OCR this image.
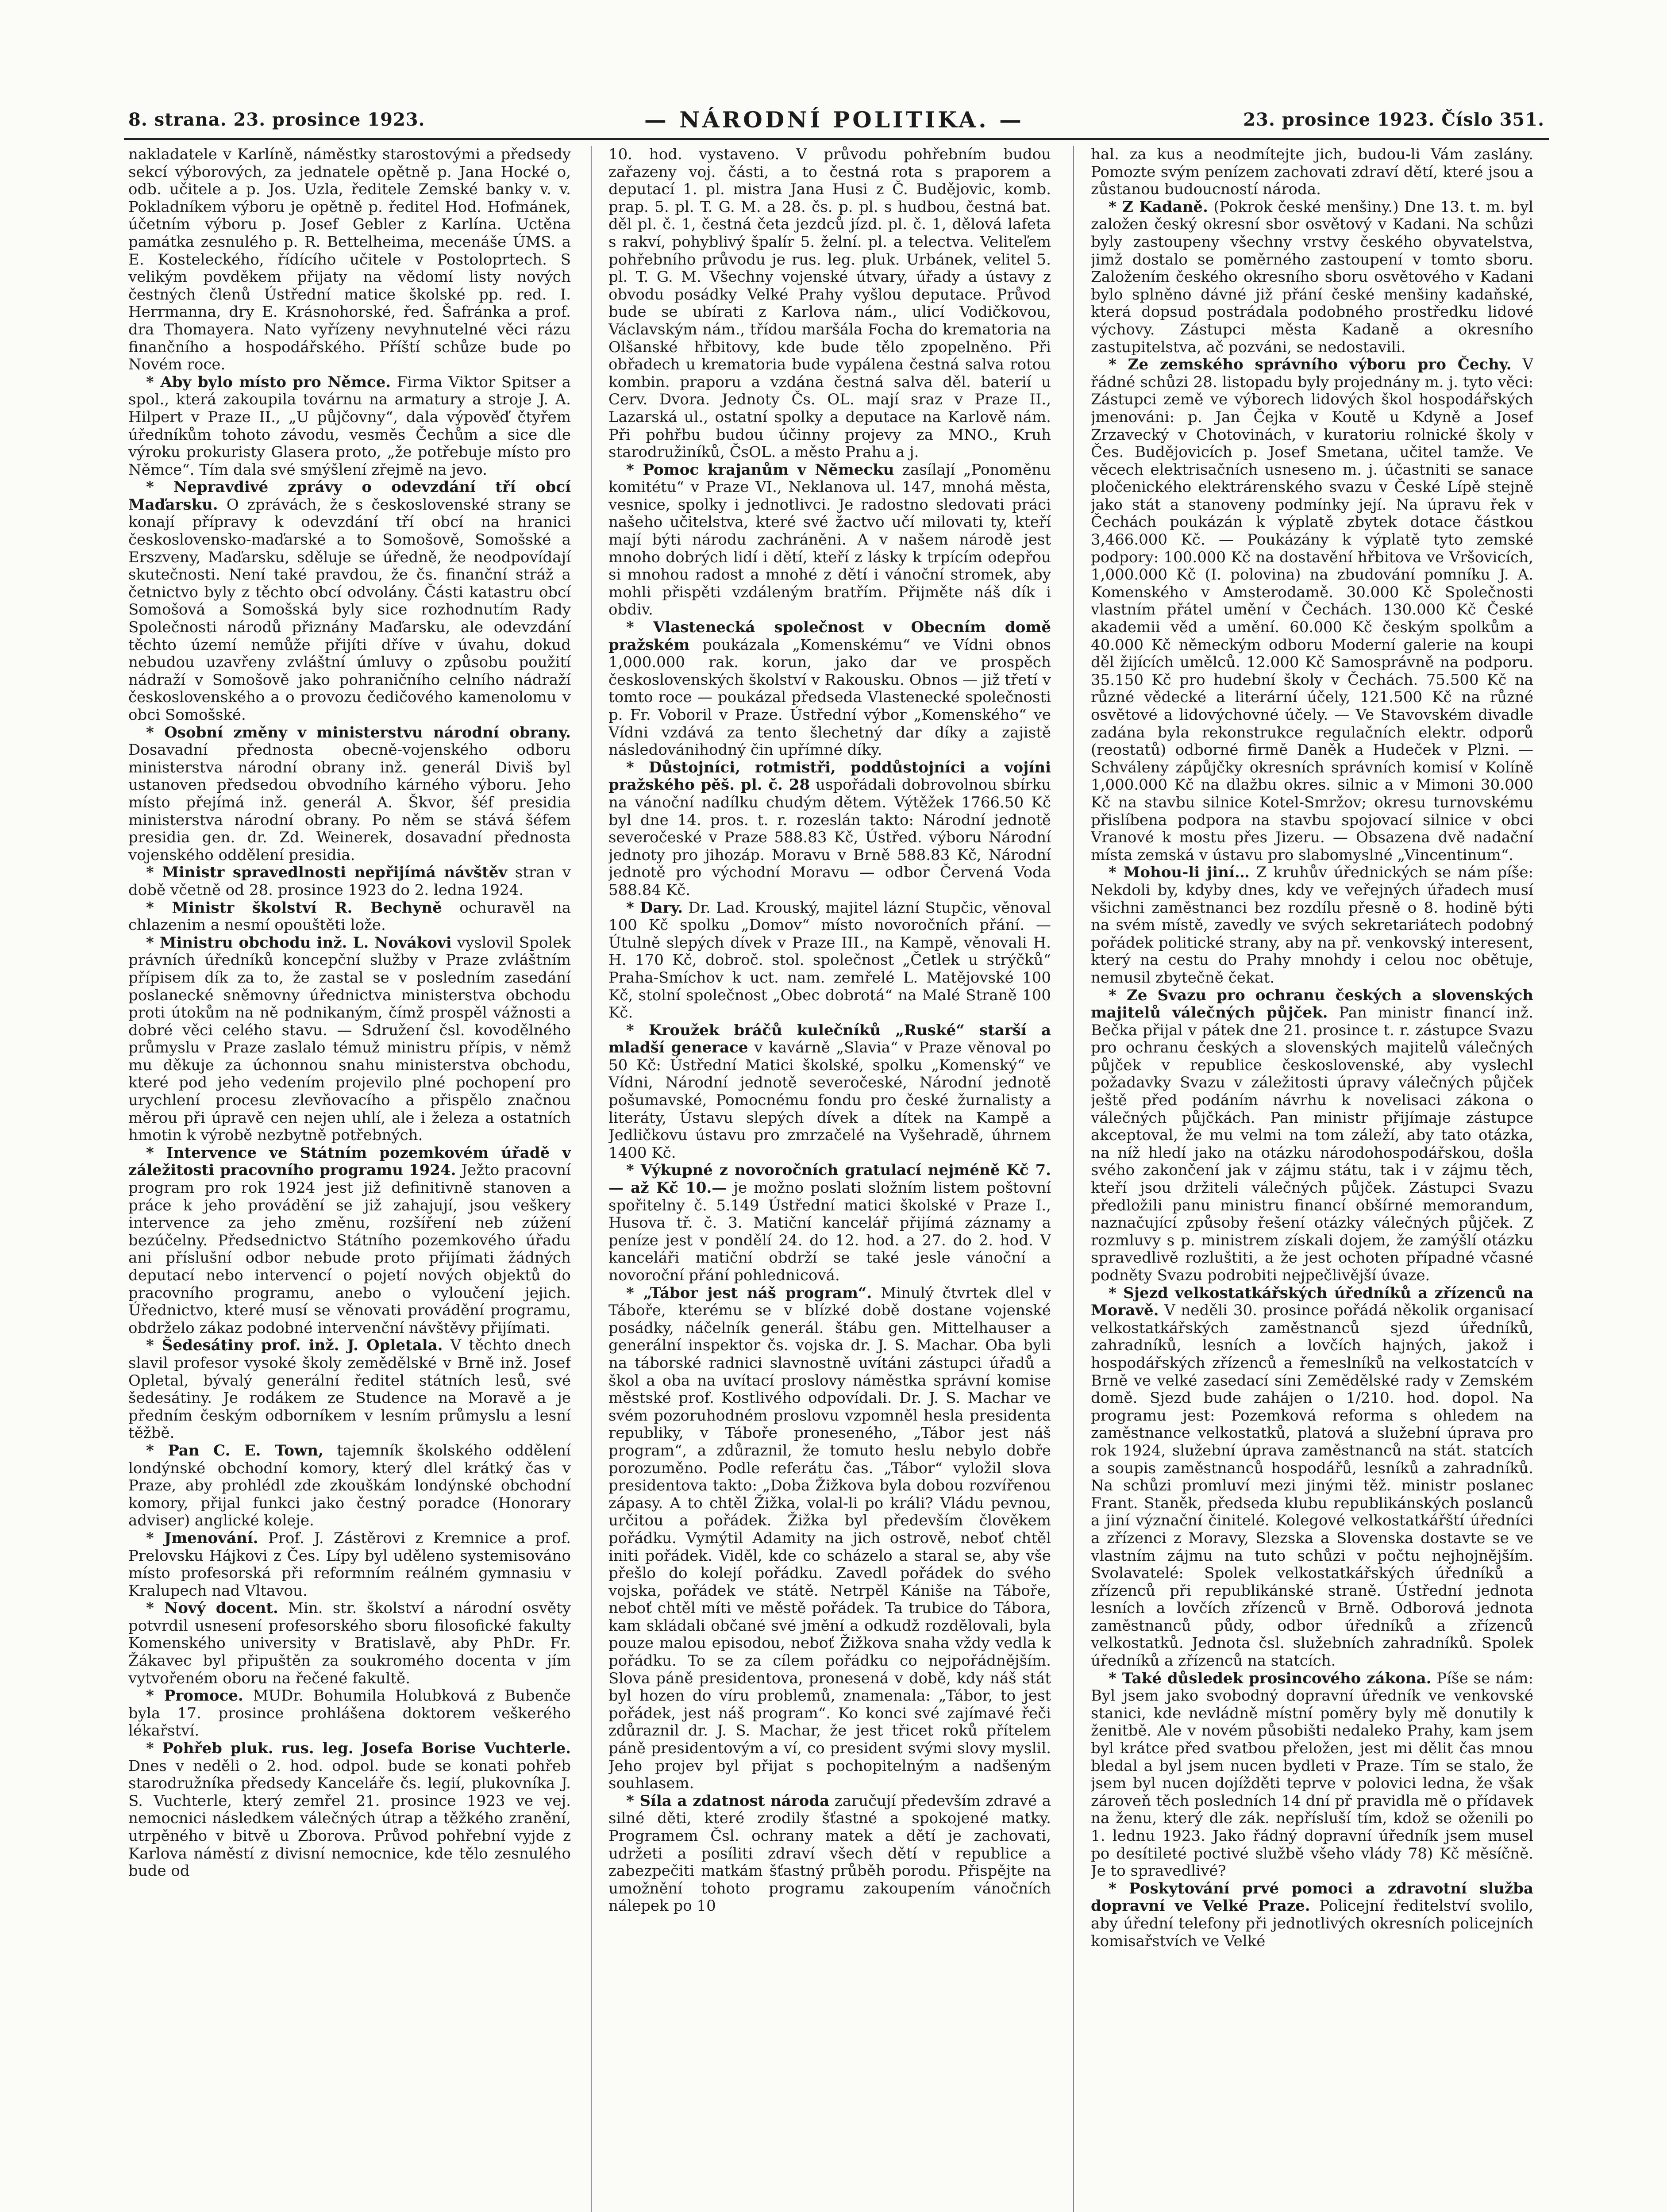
8. strana. 23. prosince 1923.	— NÁRODNÍ POLITIKA. —	23. prosince 1923. Číslo 351.

nakladatele v Karlíně, náměstky starostovými a předsedy sekcí výborových, za jednatele opětně p. Jana Hocké o, odb. učitele a p. Jos. Uzla, ředitele Zemské banky v. v. Pokladníkem výboru je opětně p. ředitel Hod. Hofmánek, účetním výboru p. Josef Gebler z Karlína. Uctěna památka zesnulého p. R. Bettelheima, mecenáše ÚMS. a E. Kosteleckého, řídícího učitele v Postoloprtech. S velikým povděkem přijaty na vědomí listy nových čestných členů Ústřední matice školské pp. red. I. Herrmanna, dry E. Krásnohorské, řed. Šafránka a prof. dra Thomayera. Nato vyřízeny nevyhnutelné věci rázu finančního a hospodářského. Příští schůze bude po Novém roce.

* Aby bylo místo pro Němce. Firma Viktor Spitser a spol., která zakoupila továrnu na armatury a stroje J. A. Hilpert v Praze II., „U půjčovny“, dala výpověď čtyřem úředníkům tohoto závodu, vesměs Čechům a sice dle výroku prokuristy Glasera proto, „že potřebuje místo pro Němce“. Tím dala své smýšlení zřejmě na jevo.

* Nepravdivé zprávy o odevzdání tří obcí Maďarsku. O zprávách, že s československé strany se konají přípravy k odevzdání tří obcí na hranici československo-maďarské a to Somošově, Somošské a Erszveny, Maďarsku, sděluje se úředně, že neodpovídají skutečnosti. Není také pravdou, že čs. finanční stráž a četnictvo byly z těchto obcí odvolány. Části katastru obcí Somošová a Somošská byly sice rozhodnutím Rady Společnosti národů přiznány Maďarsku, ale odevzdání těchto území nemůže přijíti dříve v úvahu, dokud nebudou uzavřeny zvláštní úmluvy o způsobu použití nádraží v Somošově jako pohraničního celního nádraží československého a o provozu čedičového kamenolomu v obci Somošské.

* Osobní změny v ministerstvu národní obrany. Dosavadní přednosta obecně-vojenského odboru ministerstva národní obrany inž. generál Diviš byl ustanoven předsedou obvodního kárného výboru. Jeho místo přejímá inž. generál A. Škvor, šéf presidia ministerstva národní obrany. Po něm se stává šéfem presidia gen. dr. Zd. Weinerek, dosavadní přednosta vojenského oddělení presidia.

* Ministr spravedlnosti nepřijímá návštěv stran v době včetně od 28. prosince 1923 do 2. ledna 1924.

* Ministr školství R. Bechyně ochuravěl na chlazenim a nesmí opouštěti lože.

* Ministru obchodu inž. L. Novákovi vyslovil Spolek právních úředníků koncepční služby v Praze zvláštním přípisem dík za to, že zastal se v posledním zasedání poslanecké sněmovny úřednictva ministerstva obchodu proti útokům na ně podnikaným, čímž prospěl vážnosti a dobré věci celého stavu. — Sdružení čsl. kovodělného průmyslu v Praze zaslalo témuž ministru přípis, v němž mu děkuje za úchonnou snahu ministerstva obchodu, které pod jeho vedením projevilo plné pochopení pro urychlení procesu zlevňovacího a přispělo značnou měrou při úpravě cen nejen uhlí, ale i železa a ostatních hmotin k výrobě nezbytně potřebných.

* Intervence ve Státním pozemkovém úřadě v záležitosti pracovního programu 1924. Ježto pracovní program pro rok 1924 jest již definitivně stanoven a práce k jeho provádění se již zahajují, jsou veškery intervence za jeho změnu, rozšíření neb zúžení bezúčelny. Předsednictvo Státního pozemkového úřadu ani příslušní odbor nebude proto přijímati žádných deputací nebo intervencí o pojetí nových objektů do pracovního programu, anebo o vyloučení jejich. Úřednictvo, které musí se věnovati provádění programu, obdrželo zákaz podobné intervenční návštěvy přijímati.

* Šedesátiny prof. inž. J. Opletala. V těchto dnech slavil profesor vysoké školy zemědělské v Brně inž. Josef Opletal, bývalý generální ředitel státních lesů, své šedesátiny. Je rodákem ze Studence na Moravě a je předním českým odborníkem v lesním průmyslu a lesní těžbě.

* Pan C. E. Town, tajemník školského oddělení londýnské obchodní komory, který dlel krátký čas v Praze, aby prohlédl zde zkouškám londýnské obchodní komory, přijal funkci jako čestný poradce (Honorary adviser) anglické koleje.

* Jmenování. Prof. J. Zástěrovi z Kremnice a prof. Prelovsku Hájkovi z Čes. Lípy byl uděleno systemisováno místo profesorská při reformním reálném gymnasiu v Kralupech nad Vltavou.

* Nový docent. Min. str. školství a národní osvěty potvrdil usnesení profesorského sboru filosofické fakulty Komenského university v Bratislavě, aby PhDr. Fr. Žákavec byl připuštěn za soukromého docenta v jím vytvořeném oboru na řečené fakultě.

* Promoce. MUDr. Bohumila Holubková z Bubenče byla 17. prosince prohlášena doktorem veškerého lékařství.

* Pohřeb pluk. rus. leg. Josefa Borise Vuchterle. Dnes v neděli o 2. hod. odpol. bude se konati pohřeb starodružníka předsedy Kanceláře čs. legií, plukovníka J. S. Vuchterle, který zemřel 21. prosince 1923 ve vej. nemocnici následkem válečných útrap a těžkého zranění, utrpěného v bitvě u Zborova. Průvod pohřební vyjde z Karlova náměstí z divisní nemocnice, kde tělo zesnulého bude od

10. hod. vystaveno. V průvodu pohřebním budou zařazeny voj. části, a to čestná rota s praporem a deputací 1. pl. mistra Jana Husi z Č. Budějovic, komb. prap. 5. pl. T. G. M. a 28. čs. p. pl. s hudbou, čestná bat. děl pl. č. 1, čestná četa jezdců jízd. pl. č. 1, dělová lafeta s rakví, pohyblivý špalír 5. želní. pl. a telectva. Veliteľem pohřebního průvodu je rus. leg. pluk. Urbánek, velitel 5. pl. T. G. M. Všechny vojenské útvary, úřady a ústavy z obvodu posádky Velké Prahy vyšlou deputace. Průvod bude se ubírati z Karlova nám., ulicí Vodičkovou, Václavským nám., třídou maršála Focha do krematoria na Olšanské hřbitovy, kde bude tělo zpopelněno. Při obřadech u krematoria bude vypálena čestná salva rotou kombin. praporu a vzdána čestná salva děl. baterií u Cerv. Dvora. Jednoty Čs. OL. mají sraz v Praze II., Lazarská ul., ostatní spolky a deputace na Karlově nám. Při pohřbu budou účinny projevy za MNO., Kruh starodružiníků, ČsOL. a město Prahu a j.

* Pomoc krajanům v Německu zasílají „Ponoměnu komitétu“ v Praze VI., Neklanova ul. 147, mnohá města, vesnice, spolky i jednotlivci. Je radostno sledovati práci našeho učitelstva, které své žactvo učí milovati ty, kteří mají býti národu zachráněni. A v našem národě jest mnoho dobrých lidí i dětí, kteří z lásky k trpícím odepřou si mnohou radost a mnohé z dětí i vánoční stromek, aby mohli přispěti vzdáleným bratřím. Přijměte náš dík i obdiv.

* Vlastenecká společnost v Obecním domě pražském poukázala „Komenskému“ ve Vídni obnos 1,000.000 rak. korun, jako dar ve prospěch československých školství v Rakousku. Obnos — již třetí v tomto roce — poukázal předseda Vlastenecké společnosti p. Fr. Voboril v Praze. Ústřední výbor „Komenského“ ve Vídni vzdává za tento šlechetný dar díky a zajistě následovánihodný čin upřímné díky.

* Důstojníci, rotmistři, poddůstojníci a vojíni pražského pěš. pl. č. 28 uspořádali dobrovolnou sbírku na vánoční nadílku chudým dětem. Výtěžek 1766.50 Kč byl dne 14. pros. t. r. rozeslán takto: Národní jednotě severočeské v Praze 588.83 Kč, Ústřed. výboru Národní jednoty pro jihozáp. Moravu v Brně 588.83 Kč, Národní jednotě pro východní Moravu — odbor Červená Voda 588.84 Kč.

* Dary. Dr. Lad. Krouský, majitel lázní Stupčic, věnoval 100 Kč spolku „Domov“ místo novoročních přání. — Útulně slepých dívek v Praze III., na Kampě, věnovali H. H. 170 Kč, dobroč. stol. společnost „Četlek u strýčků“ Praha-Smíchov k uct. nam. zemřelé L. Matějovské 100 Kč, stolní společnost „Obec dobrotá“ na Malé Straně 100 Kč.

* Kroužek bráčů kulečníků „Ruské“ starší a mladší generace v kavárně „Slavia“ v Praze věnoval po 50 Kč: Ústřední Matici školské, spolku „Komenský“ ve Vídni, Národní jednotě severočeské, Národní jednotě pošumavské, Pomocnému fondu pro české žurnalisty a literáty, Ústavu slepých dívek a dítek na Kampě a Jedličkovu ústavu pro zmrzačelé na Vyšehradě, úhrnem 1400 Kč.

* Výkupné z novoročních gratulací nejméně Kč 7.— až Kč 10.— je možno poslati složním listem poštovní spořitelny č. 5.149 Ústřední matici školské v Praze I., Husova tř. č. 3. Matiční kancelář přijímá záznamy a peníze jest v pondělí 24. do 12. hod. a 27. do 2. hod. V kanceláři matiční obdrží se také jesle vánoční a novoroční přání pohlednicová.

* „Tábor jest náš program“. Minulý čtvrtek dlel v Táboře, kterému se v blízké době dostane vojenské posádky, náčelník generál. štábu gen. Mittelhauser a generální inspektor čs. vojska dr. J. S. Machar. Oba byli na táborské radnici slavnostně uvítáni zástupci úřadů a škol a oba na uvítací proslovy náměstka správní komise městské prof. Kostlivého odpovídali. Dr. J. S. Machar ve svém pozoruhodném proslovu vzpomněl hesla presidenta republiky, v Táboře proneseného, „Tábor jest náš program“, a zdůraznil, že tomuto heslu nebylo dobře porozuměno. Podle referátu čas. „Tábor“ vyložil slova presidentova takto: „Doba Žižkova byla dobou rozvířenou zápasy. A to chtěl Žižka, volal-li po králi? Vládu pevnou, určitou a pořádek. Žižka byl především člověkem pořádku. Vymýtil Adamity na jich ostrově, neboť chtěl initi pořádek. Viděl, kde co scházelo a staral se, aby vše přešlo do kolejí pořádku. Zavedl pořádek do svého vojska, pořádek ve státě. Netrpěl Kániše na Táboře, neboť chtěl míti ve městě pořádek. Ta trubice do Tábora, kam skládali občané své jmění a odkudž rozdělovali, byla pouze malou episodou, neboť Žižkova snaha vždy vedla k pořádku. To se za cílem pořádku co nejpořádnějším. Slova páně presidentova, pronesená v době, kdy náš stát byl hozen do víru problemů, znamenala: „Tábor, to jest pořádek, jest náš program“. Ko konci své zajímavé řeči zdůraznil dr. J. S. Machar, že jest třicet roků přítelem páně presidentovým a ví, co president svými slovy myslil. Jeho projev byl přijat s pochopitelným a nadšeným souhlasem.

* Síla a zdatnost národa zaručují především zdravé a silné děti, které zrodily šťastné a spokojené matky. Programem Čsl. ochrany matek a dětí je zachovati, udržeti a posíliti zdraví všech dětí v republice a zabezpečiti matkám šťastný průběh porodu. Přispějte na umožnění tohoto programu zakoupením vánočních nálepek po 10

hal. za kus a neodmítejte jich, budou-li Vám zaslány. Pomozte svým penízem zachovati zdraví dětí, které jsou a zůstanou budoucností národa.

* Z Kadaně. (Pokrok české menšiny.) Dne 13. t. m. byl založen český okresní sbor osvětový v Kadani. Na schůzi byly zastoupeny všechny vrstvy českého obyvatelstva, jimž dostalo se poměrného zastoupení v tomto sboru. Založením českého okresního sboru osvětového v Kadani bylo splněno dávné již přání české menšiny kadaňské, která dopsud postrádala podobného prostředku lidové výchovy. Zástupci města Kadaně a okresního zastupitelstva, ač pozváni, se nedostavili.

* Ze zemského správního výboru pro Čechy. V řádné schůzi 28. listopadu byly projednány m. j. tyto věci: Zástupci země ve výborech lidových škol hospodářských jmenováni: p. Jan Čejka v Koutě u Kdyně a Josef Zrzavecký v Chotovinách, v kuratoriu rolnické školy v Čes. Budějovicích p. Josef Smetana, učitel tamže. Ve věcech elektrisačních usneseno m. j. účastniti se sanace pločenického elektrárenského svazu v České Lípě stejně jako stát a stanoveny podmínky její. Na úpravu řek v Čechách poukázán k výplatě zbytek dotace částkou 3,466.000 Kč. — Poukázány k výplatě tyto zemské podpory: 100.000 Kč na dostavění hřbitova ve Vršovicích, 1,000.000 Kč (I. polovina) na zbudování pomníku J. A. Komenského v Amsterodamě. 30.000 Kč Společnosti vlastním přátel umění v Čechách. 130.000 Kč České akademii věd a umění. 60.000 Kč českým spolkům a 40.000 Kč německým odboru Moderní galerie na koupi děl žijících umělců. 12.000 Kč Samosprávně na podporu. 35.150 Kč pro hudební školy v Čechách. 75.500 Kč na různé vědecké a literární účely, 121.500 Kč na různé osvětové a lidovýchovné účely. — Ve Stavovském divadle zadána byla rekonstrukce regulačních elektr. odporů (reostatů) odborné firmě Daněk a Hudeček v Plzni. — Schváleny zápůjčky okresních správních komisí v Kolíně 1,000.000 Kč na dlažbu okres. silnic a v Mimoni 30.000 Kč na stavbu silnice Kotel-Smržov; okresu turnovskému přislíbena podpora na stavbu spojovací silnice v obci Vranové k mostu přes Jizeru. — Obsazena dvě nadační místa zemská v ústavu pro slabomyslné „Vincentinum“.

* Mohou-li jiní… Z kruhův úřednických se nám píše: Nekdoli by, kdyby dnes, kdy ve veřejných úřadech musí všichni zaměstnanci bez rozdílu přesně o 8. hodině býti na svém místě, zavedly ve svých sekretariátech podobný pořádek politické strany, aby na př. venkovský interesent, který na cestu do Prahy mnohdy i celou noc obětuje, nemusil zbytečně čekat.

* Ze Svazu pro ochranu českých a slovenských majitelů válečných půjček. Pan ministr financí inž. Bečka přijal v pátek dne 21. prosince t. r. zástupce Svazu pro ochranu českých a slovenských majitelů válečných půjček v republice československé, aby vyslechl požadavky Svazu v záležitosti úpravy válečných půjček ještě před podáním návrhu k novelisaci zákona o válečných půjčkách. Pan ministr přijímaje zástupce akceptoval, že mu velmi na tom záleží, aby tato otázka, na níž hledí jako na otázku národohospodářskou, došla svého zakončení jak v zájmu státu, tak i v zájmu těch, kteří jsou držiteli válečných půjček. Zástupci Svazu předložili panu ministru financí obšírné memorandum, naznačující způsoby řešení otázky válečných půjček. Z rozmluvy s p. ministrem získali dojem, že zamýšlí otázku spravedlivě rozluštiti, a že jest ochoten případné včasné podněty Svazu podrobiti nejpečlivější úvaze.

* Sjezd velkostatkářských úředníků a zřízenců na Moravě. V neděli 30. prosince pořádá několik organisací velkostatkářských zaměstnanců sjezd úředníků, zahradníků, lesních a lovčích hajných, jakož i hospodářských zřízenců a řemeslníků na velkostatcích v Brně ve velké zasedací síni Zemědělské rady v Zemském domě. Sjezd bude zahájen o 1/210. hod. dopol. Na programu jest: Pozemková reforma s ohledem na zaměstnance velkostatků, platová a služební úprava pro rok 1924, služební úprava zaměstnanců na stát. statcích a soupis zaměstnanců hospodářů, lesníků a zahradníků. Na schůzi promluví mezi jinými těž. ministr poslanec Frant. Staněk, předseda klubu republikánských poslanců a jiní význační činitelé. Kolegové velkostatkářští úředníci a zřízenci z Moravy, Slezska a Slovenska dostavte se ve vlastním zájmu na tuto schůzi v počtu nejhojnějším. Svolavatelé: Spolek velkostatkářských úředníků a zřízenců při republikánské straně. Ústřední jednota lesních a lovčích zřízenců v Brně. Odborová jednota zaměstnanců půdy, odbor úředníků a zřízenců velkostatků. Jednota čsl. služebních zahradníků. Spolek úředníků a zřízenců na statcích.

* Také důsledek prosincového zákona. Píše se nám: Byl jsem jako svobodný dopravní úředník ve venkovské stanici, kde nevládně místní poměry byly mě donutily k ženitbě. Ale v novém působišti nedaleko Prahy, kam jsem byl krátce před svatbou přeložen, jest mi dělit čas mnou bledal a byl jsem nucen bydleti v Praze. Tím se stalo, že jsem byl nucen dojížděti teprve v polovici ledna, že však zároveň těch posledních 14 dní př pravidla mě o přídavek na ženu, který dle zák. nepřísluší tím, kdož se oženili po 1. lednu 1923. Jako řádný dopravní úředník jsem musel po desítileté poctivé službě všeho vlády 78) Kč měsíčně. Je to spravedlivé?

* Poskytování prvé pomoci a zdravotní služba dopravní ve Velké Praze. Policejní ředitelství svolilo, aby úřední telefony při jednotlivých okresních policejních komisařstvích ve Velké
